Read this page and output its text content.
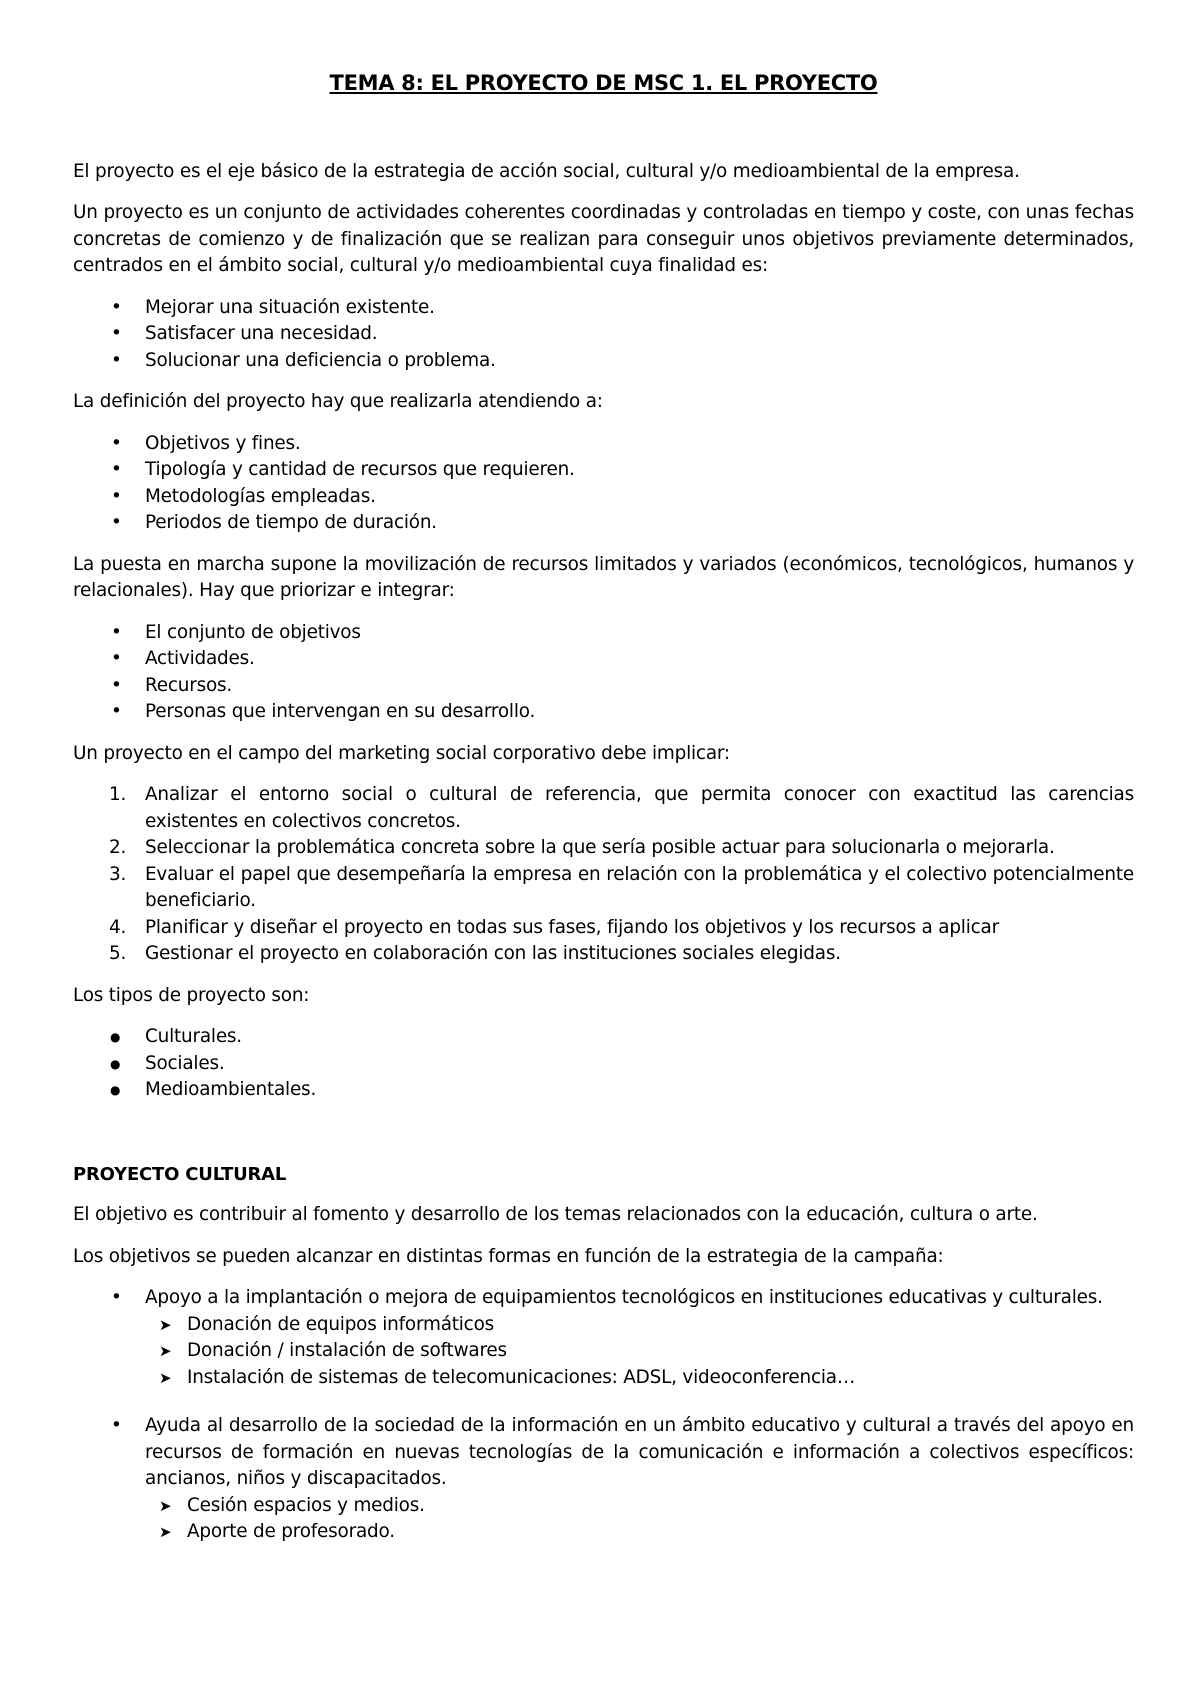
TEMA 8: EL PROYECTO DE MSC 1. EL PROYECTO

El proyecto es el eje básico de la estrategia de acción social, cultural y/o medioambiental de la empresa.

Un proyecto es un conjunto de actividades coherentes coordinadas y controladas en tiempo y coste, con unas fechas concretas de comienzo y de finalización que se realizan para conseguir unos objetivos previamente determinados, centrados en el ámbito social, cultural y/o medioambiental cuya finalidad es:

• Mejorar una situación existente.
• Satisfacer una necesidad.
• Solucionar una deficiencia o problema.

La definición del proyecto hay que realizarla atendiendo a:

• Objetivos y fines.
• Tipología y cantidad de recursos que requieren.
• Metodologías empleadas.
• Periodos de tiempo de duración.

La puesta en marcha supone la movilización de recursos limitados y variados (económicos, tecnológicos, humanos y relacionales). Hay que priorizar e integrar:

• El conjunto de objetivos
• Actividades.
• Recursos.
• Personas que intervengan en su desarrollo.

Un proyecto en el campo del marketing social corporativo debe implicar:

1. Analizar el entorno social o cultural de referencia, que permita conocer con exactitud las carencias existentes en colectivos concretos.
2. Seleccionar la problemática concreta sobre la que sería posible actuar para solucionarla o mejorarla.
3. Evaluar el papel que desempeñaría la empresa en relación con la problemática y el colectivo potencialmente beneficiario.
4. Planificar y diseñar el proyecto en todas sus fases, fijando los objetivos y los recursos a aplicar
5. Gestionar el proyecto en colaboración con las instituciones sociales elegidas.

Los tipos de proyecto son:

● Culturales.
● Sociales.
● Medioambientales.
PROYECTO CULTURAL

El objetivo es contribuir al fomento y desarrollo de los temas relacionados con la educación, cultura o arte.

Los objetivos se pueden alcanzar en distintas formas en función de la estrategia de la campaña:

• Apoyo a la implantación o mejora de equipamientos tecnológicos en instituciones educativas y culturales.
➤ Donación de equipos informáticos
➤ Donación / instalación de softwares
➤ Instalación de sistemas de telecomunicaciones: ADSL, videoconferencia…
• Ayuda al desarrollo de la sociedad de la información en un ámbito educativo y cultural a través del apoyo en recursos de formación en nuevas tecnologías de la comunicación e información a colectivos específicos: ancianos, niños y discapacitados.
➤ Cesión espacios y medios.
➤ Aporte de profesorado.
